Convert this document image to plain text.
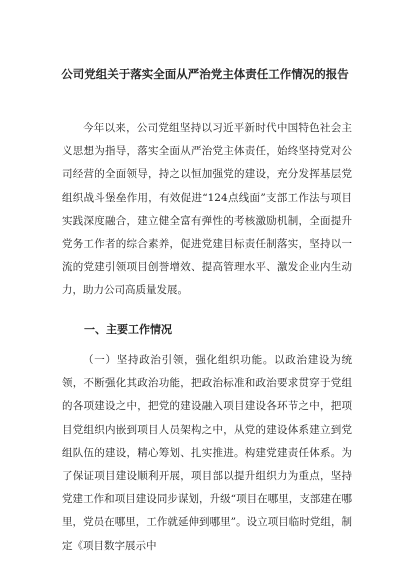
公司党组关于落实全面从严治党主体责任工作情况的报告
今年以来，公司党组坚持以习近平新时代中国特色社会主义思想为指导，落实全面从严治党主体责任，始终坚持党对公司经营的全面领导，持之以恒加强党的建设，充分发挥基层党组织战斗堡垒作用，有效促进“124点线面”支部工作法与项目实践深度融合，建立健全富有弹性的考核激励机制，全面提升党务工作者的综合素养，促进党建目标责任制落实，坚持以一流的党建引领项目创誉增效、提高管理水平、激发企业内生动力，助力公司高质量发展。
一、主要工作情况
（一）坚持政治引领，强化组织功能。以政治建设为统领，不断强化其政治功能，把政治标准和政治要求贯穿于党组的各项建设之中，把党的建设融入项目建设各环节之中，把项目党组织内嵌到项目人员架构之中，从党的建设体系建立到党组队伍的建设，精心筹划、扎实推进。构建党建责任体系。为了保证项目建设顺利开展，项目部以提升组织力为重点，坚持党建工作和项目建设同步谋划，升级“项目在哪里，支部建在哪里，党员在哪里，工作就延伸到哪里”。设立项目临时党组，制定《项目数字展示中
